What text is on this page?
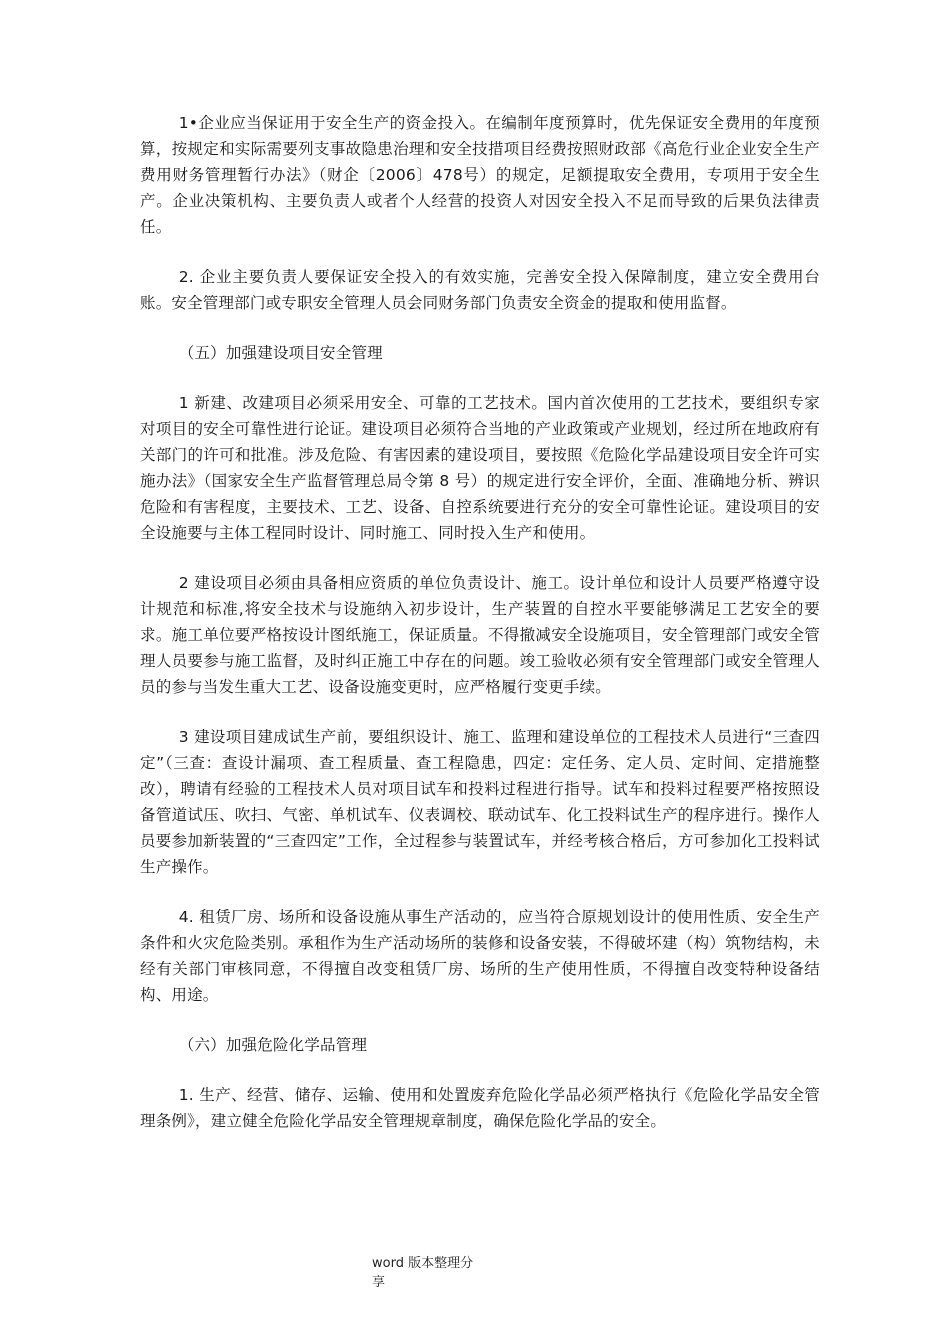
1•企业应当保证用于安全生产的资金投入。在编制年度预算时，优先保证安全费用的年度预算，按规定和实际需要列支事故隐患治理和安全技措项目经费按照财政部《高危行业企业安全生产费用财务管理暂行办法》（财企〔2006〕478号）的规定，足额提取安全费用，专项用于安全生产。企业决策机构、主要负责人或者个人经营的投资人对因安全投入不足而导致的后果负法律责任。

2. 企业主要负责人要保证安全投入的有效实施，完善安全投入保障制度，建立安全费用台账。安全管理部门或专职安全管理人员会同财务部门负责安全资金的提取和使用监督。

（五）加强建设项目安全管理

1 新建、改建项目必须采用安全、可靠的工艺技术。国内首次使用的工艺技术，要组织专家对项目的安全可靠性进行论证。建设项目必须符合当地的产业政策或产业规划，经过所在地政府有关部门的许可和批准。涉及危险、有害因素的建设项目，要按照《危险化学品建设项目安全许可实施办法》（国家安全生产监督管理总局令第 8 号）的规定进行安全评价，全面、准确地分析、辨识危险和有害程度，主要技术、工艺、设备、自控系统要进行充分的安全可靠性论证。建设项目的安全设施要与主体工程同时设计、同时施工、同时投入生产和使用。

2 建设项目必须由具备相应资质的单位负责设计、施工。设计单位和设计人员要严格遵守设计规范和标准,将安全技术与设施纳入初步设计，生产装置的自控水平要能够满足工艺安全的要求。施工单位要严格按设计图纸施工，保证质量。不得撤减安全设施项目，安全管理部门或安全管理人员要参与施工监督，及时纠正施工中存在的问题。竣工验收必须有安全管理部门或安全管理人员的参与当发生重大工艺、设备设施变更时，应严格履行变更手续。

3 建设项目建成试生产前，要组织设计、施工、监理和建设单位的工程技术人员进行“三查四定”（三查：查设计漏项、查工程质量、查工程隐患，四定：定任务、定人员、定时间、定措施整改），聘请有经验的工程技术人员对项目试车和投料过程进行指导。试车和投料过程要严格按照设备管道试压、吹扫、气密、单机试车、仪表调校、联动试车、化工投料试生产的程序进行。操作人员要参加新装置的“三查四定”工作，全过程参与装置试车，并经考核合格后，方可参加化工投料试生产操作。

4. 租赁厂房、场所和设备设施从事生产活动的，应当符合原规划设计的使用性质、安全生产条件和火灾危险类别。承租作为生产活动场所的装修和设备安装，不得破坏建（构）筑物结构，未经有关部门审核同意，不得擅自改变租赁厂房、场所的生产使用性质，不得擅自改变特种设备结构、用途。

（六）加强危险化学品管理

1. 生产、经营、储存、运输、使用和处置废弃危险化学品必须严格执行《危险化学品安全管理条例》，建立健全危险化学品安全管理规章制度，确保危险化学品的安全。

word 版本整理分
享
